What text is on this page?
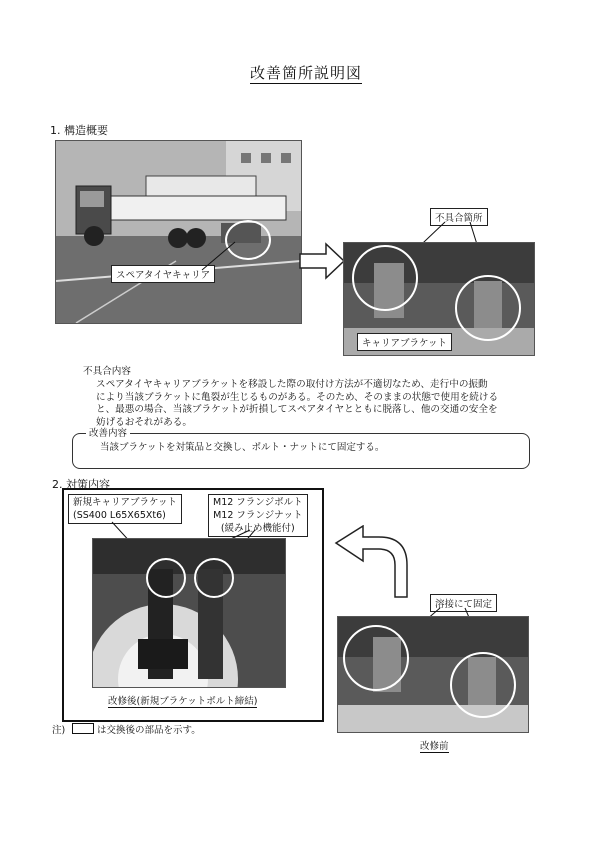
改善箇所説明図
1. 構造概要
スペアタイヤキャリア
不具合箇所
キャリアブラケット
不具合内容
スペアタイヤキャリアブラケットを移設した際の取付け方法が不適切なため、走行中の振動
により当該ブラケットに亀裂が生じるものがある。そのため、そのままの状態で使用を続ける
と、最悪の場合、当該ブラケットが折損してスペアタイヤとともに脱落し、他の交通の安全を
妨げるおそれがある。
改善内容
当該ブラケットを対策品と交換し、ボルト・ナットにて固定する。
2. 対策内容
新規キャリアブラケット
(SS400 L65X65Xt6)
M12 フランジボルト
M12 フランジナット
(緩み止め機能付)
改修後(新規ブラケットボルト締結)
溶接にて固定
改修前
注)	は交換後の部品を示す。
